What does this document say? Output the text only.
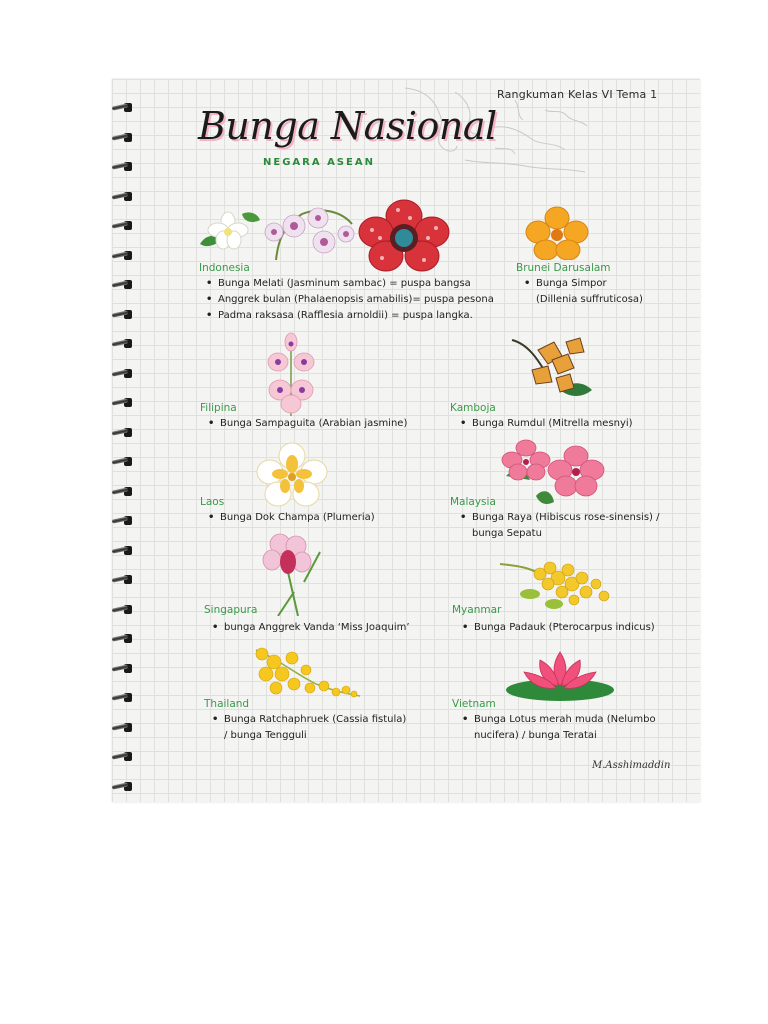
Rangkuman Kelas VI Tema 1
Bunga Nasional
NEGARA ASEAN
Indonesia
• Bunga Melati (Jasminum sambac) = puspa bangsa
• Anggrek bulan (Phalaenopsis amabilis)= puspa pesona
• Padma raksasa (Rafflesia arnoldii) = puspa langka.
Brunei Darusalam
• Bunga Simpor
(Dillenia suffruticosa)
Filipina
• Bunga Sampaguita (Arabian jasmine)
Kamboja
• Bunga Rumdul (Mitrella mesnyi)
Laos
• Bunga Dok Champa (Plumeria)
Malaysia
• Bunga Raya (Hibiscus rose-sinensis) /
bunga Sepatu
Singapura
• bunga Anggrek Vanda ‘Miss Joaquim’
Myanmar
• Bunga Padauk (Pterocarpus indicus)
Thailand
• Bunga Ratchaphruek (Cassia fistula)
/ bunga Tengguli
Vietnam
• Bunga Lotus merah muda (Nelumbo
nucifera) / bunga Teratai
M.Asshimaddin
